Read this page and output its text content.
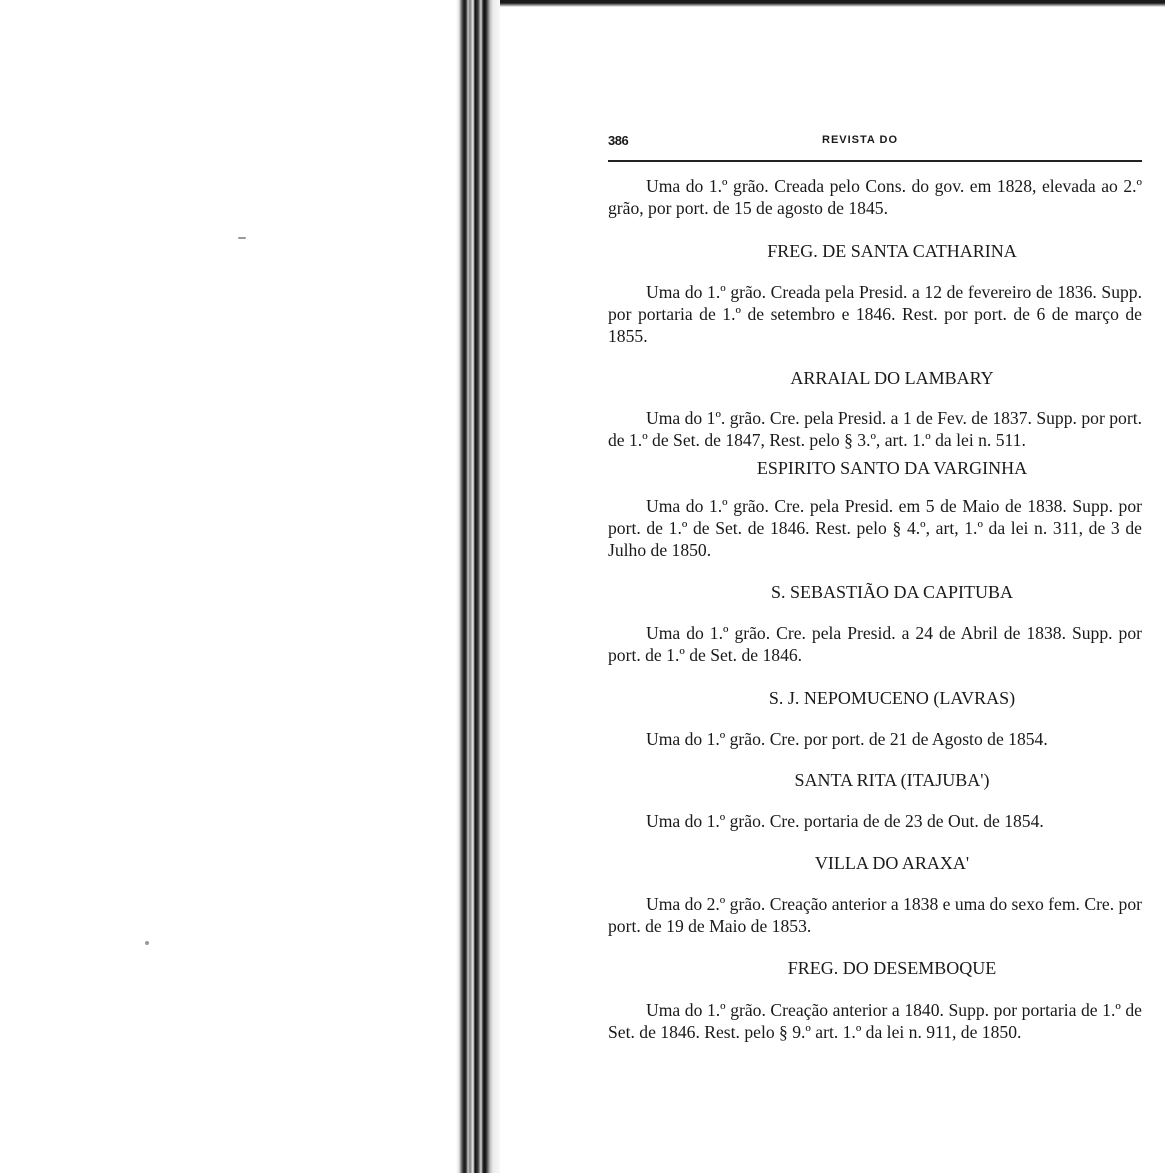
386	REVISTA DO

Uma do 1.º grão. Creada pelo Cons. do gov. em 1828, elevada ao 2.º grão, por port. de 15 de agosto de 1845.

FREG. DE SANTA CATHARINA

Uma do 1.º grão. Creada pela Presid. a 12 de fevereiro de 1836. Supp. por portaria de 1.º de setembro e 1846. Rest. por port. de 6 de março de 1855.

ARRAIAL DO LAMBARY

Uma do 1º. grão. Cre. pela Presid. a 1 de Fev. de 1837. Supp. por port. de 1.º de Set. de 1847, Rest. pelo § 3.º, art. 1.º da lei n. 511.

ESPIRITO SANTO DA VARGINHA

Uma do 1.º grão. Cre. pela Presid. em 5 de Maio de 1838. Supp. por port. de 1.º de Set. de 1846. Rest. pelo § 4.º, art, 1.º da lei n. 311, de 3 de Julho de 1850.

S. SEBASTIÃO DA CAPITUBA

Uma do 1.º grão. Cre. pela Presid. a 24 de Abril de 1838. Supp. por port. de 1.º de Set. de 1846.

S. J. NEPOMUCENO (LAVRAS)

Uma do 1.º grão. Cre. por port. de 21 de Agosto de 1854.

SANTA RITA (ITAJUBA')

Uma do 1.º grão. Cre. portaria de de 23 de Out. de 1854.

VILLA DO ARAXA'

Uma do 2.º grão. Creação anterior a 1838 e uma do sexo fem. Cre. por port. de 19 de Maio de 1853.

FREG. DO DESEMBOQUE

Uma do 1.º grão. Creação anterior a 1840. Supp. por portaria de 1.º de Set. de 1846. Rest. pelo § 9.º art. 1.º da lei n. 911, de 1850.
